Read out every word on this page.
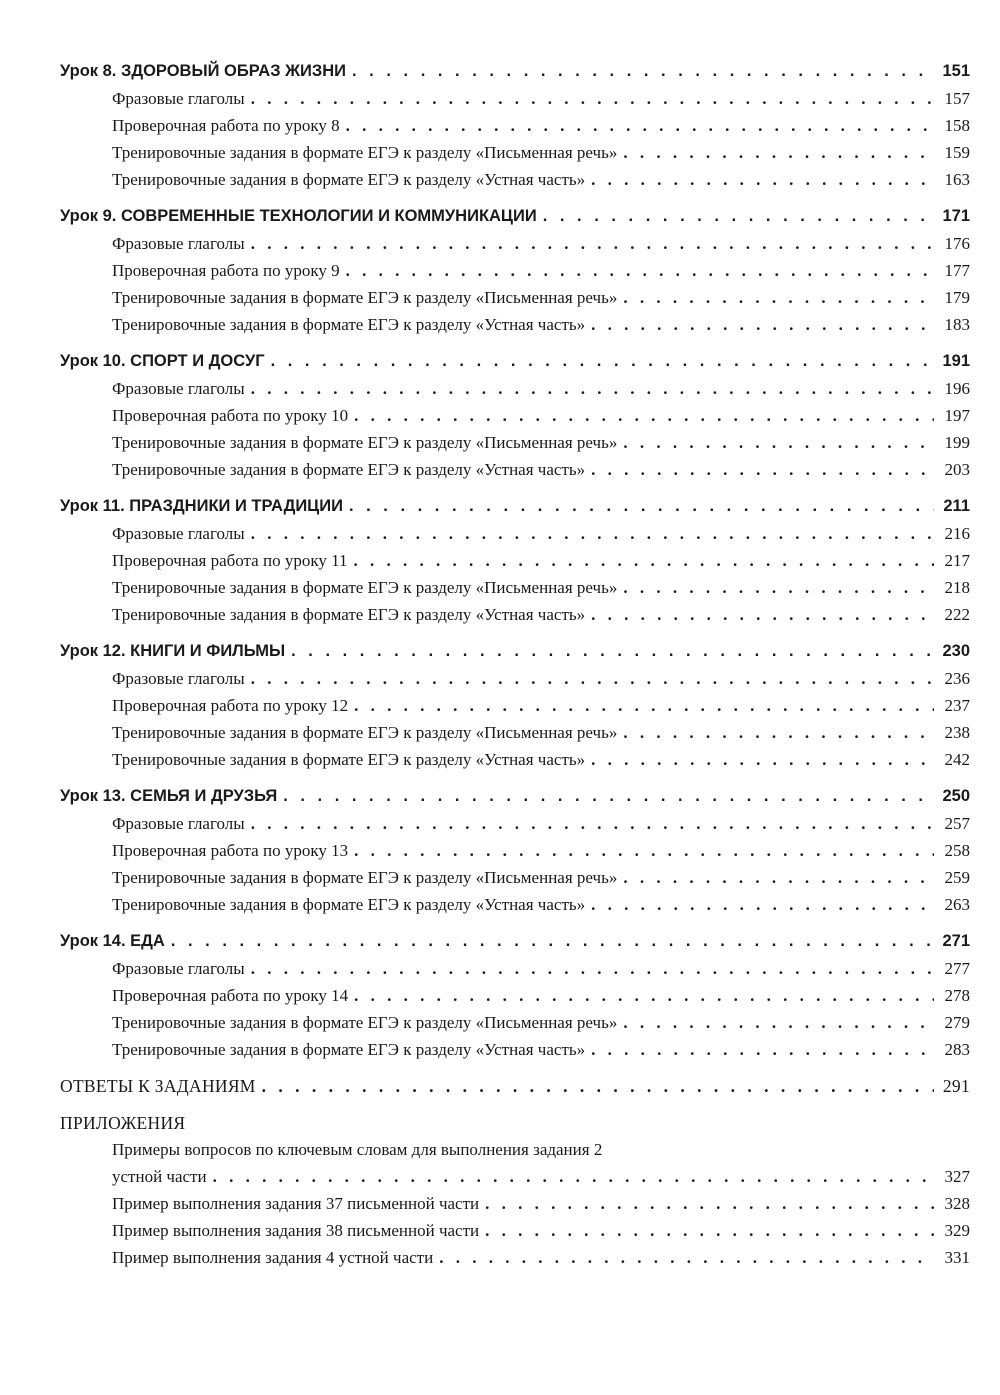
Урок 8. ЗДОРОВЫЙ ОБРАЗ ЖИЗНИ . . .	151
Фразовые глаголы . . .	157
Проверочная работа по уроку 8 . . .	158
Тренировочные задания в формате ЕГЭ к разделу «Письменная речь» . . .	159
Тренировочные задания в формате ЕГЭ к разделу «Устная часть» . . .	163
Урок 9. СОВРЕМЕННЫЕ ТЕХНОЛОГИИ И КОММУНИКАЦИИ . . .	171
Фразовые глаголы . . .	176
Проверочная работа по уроку 9 . . .	177
Тренировочные задания в формате ЕГЭ к разделу «Письменная речь» . . .	179
Тренировочные задания в формате ЕГЭ к разделу «Устная часть» . . .	183
Урок 10. СПОРТ И ДОСУГ . . .	191
Фразовые глаголы . . .	196
Проверочная работа по уроку 10 . . .	197
Тренировочные задания в формате ЕГЭ к разделу «Письменная речь» . . .	199
Тренировочные задания в формате ЕГЭ к разделу «Устная часть» . . .	203
Урок 11. ПРАЗДНИКИ И ТРАДИЦИИ . . .	211
Фразовые глаголы . . .	216
Проверочная работа по уроку 11 . . .	217
Тренировочные задания в формате ЕГЭ к разделу «Письменная речь» . . .	218
Тренировочные задания в формате ЕГЭ к разделу «Устная часть» . . .	222
Урок 12. КНИГИ И ФИЛЬМЫ . . .	230
Фразовые глаголы . . .	236
Проверочная работа по уроку 12 . . .	237
Тренировочные задания в формате ЕГЭ к разделу «Письменная речь» . . .	238
Тренировочные задания в формате ЕГЭ к разделу «Устная часть» . . .	242
Урок 13. СЕМЬЯ И ДРУЗЬЯ . . .	250
Фразовые глаголы . . .	257
Проверочная работа по уроку 13 . . .	258
Тренировочные задания в формате ЕГЭ к разделу «Письменная речь» . . .	259
Тренировочные задания в формате ЕГЭ к разделу «Устная часть» . . .	263
Урок 14. ЕДА . . .	271
Фразовые глаголы . . .	277
Проверочная работа по уроку 14 . . .	278
Тренировочные задания в формате ЕГЭ к разделу «Письменная речь» . . .	279
Тренировочные задания в формате ЕГЭ к разделу «Устная часть» . . .	283
ОТВЕТЫ К ЗАДАНИЯМ . . .	291
ПРИЛОЖЕНИЯ
Примеры вопросов по ключевым словам для выполнения задания 2
устной части . . .	327
Пример выполнения задания 37 письменной части . . .	328
Пример выполнения задания 38 письменной части . . .	329
Пример выполнения задания 4 устной части . . .	331
